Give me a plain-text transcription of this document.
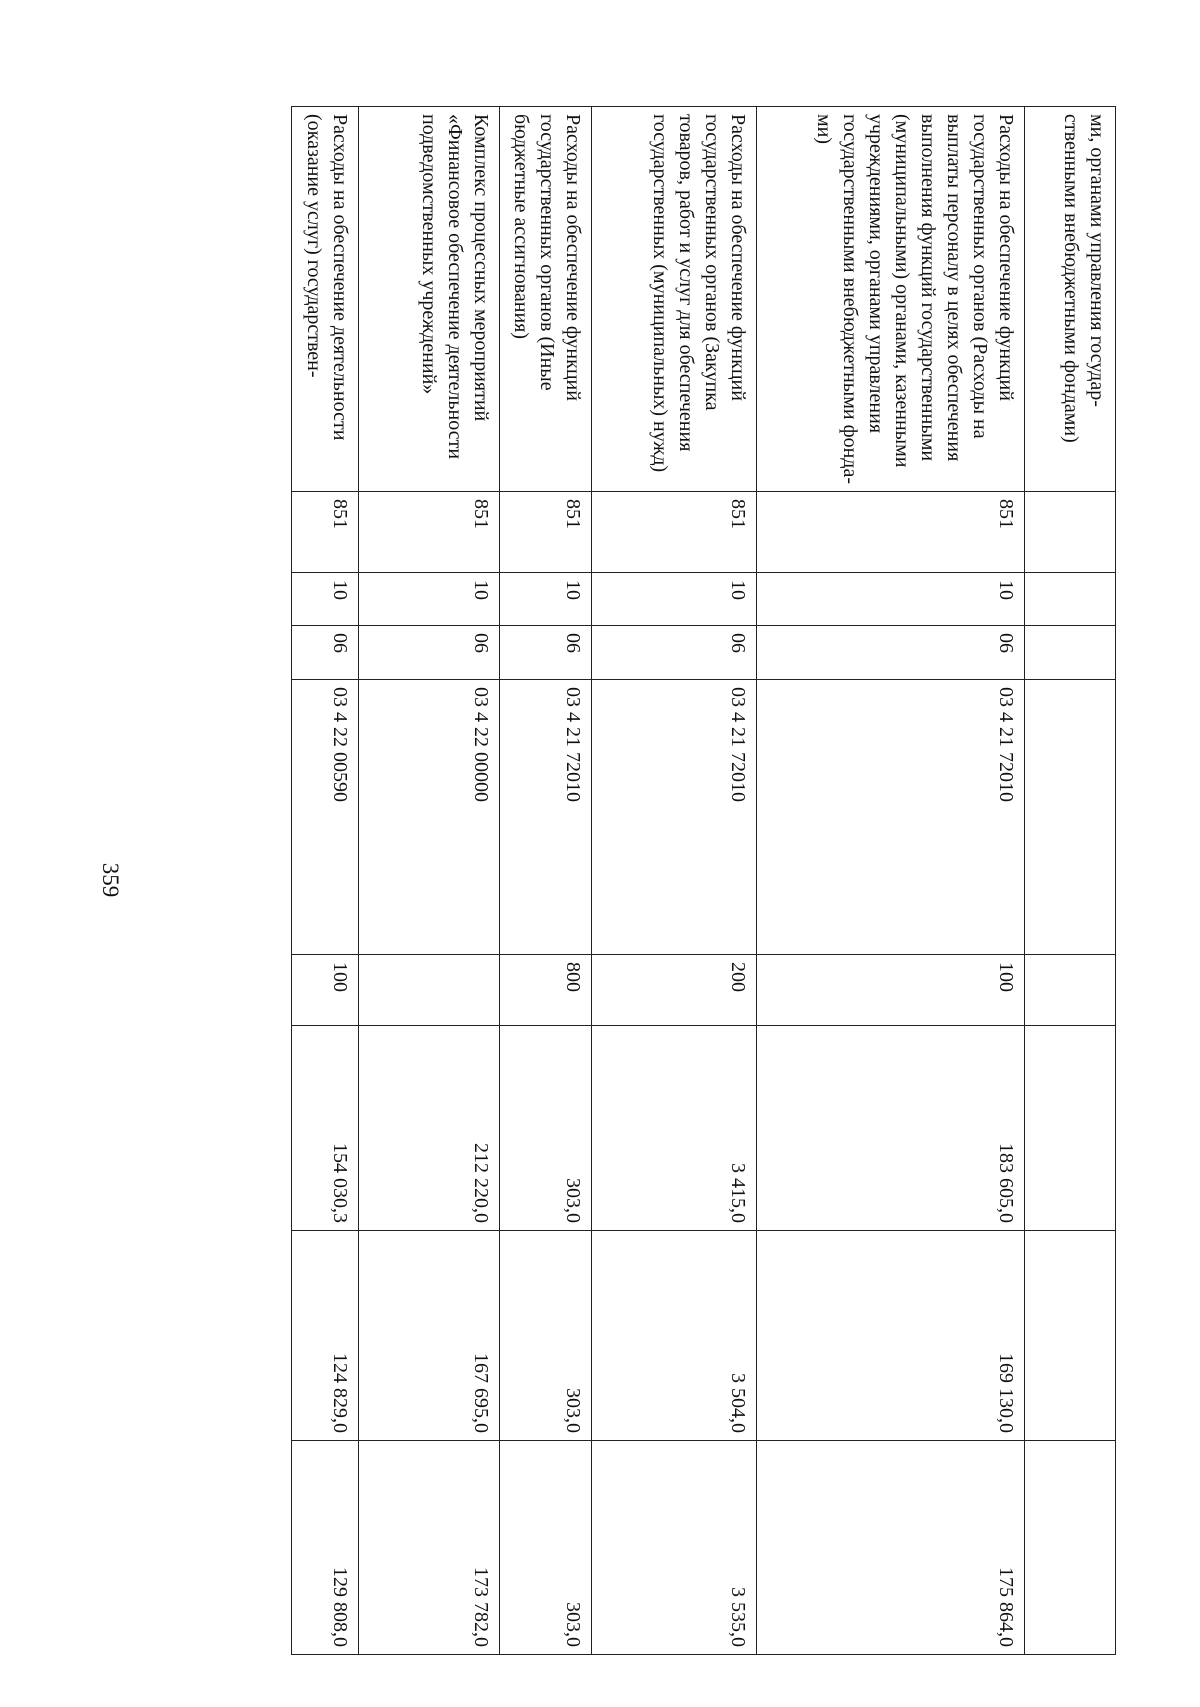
359
ми, органами управления государственными внебюджетными фондами)								
Расходы на обеспечение функций государственных органов (Расходы на выплаты персоналу в целях обеспечения выполнения функций государственными (муниципальными) органами, казенными учреждениями, органами управления государственными внебюджетными фондами)	851	10	06	03 4 21 72010	100	183 605,0	169 130,0	175 864,0
Расходы на обеспечение функций государственных органов (Закупка товаров, работ и услуг для обеспечения государственных (муниципальных) нужд)	851	10	06	03 4 21 72010	200	3 415,0	3 504,0	3 535,0
Расходы на обеспечение функций государственных органов (Иные бюджетные ассигнования)	851	10	06	03 4 21 72010	800	303,0	303,0	303,0
Комплекс процессных мероприятий «Финансовое обеспечение деятельности подведомственных учреждений»	851	10	06	03 4 22 00000		212 220,0	167 695,0	173 782,0
Расходы на обеспечение деятельности (оказание услуг) государствен-	851	10	06	03 4 22 00590	100	154 030,3	124 829,0	129 808,0
